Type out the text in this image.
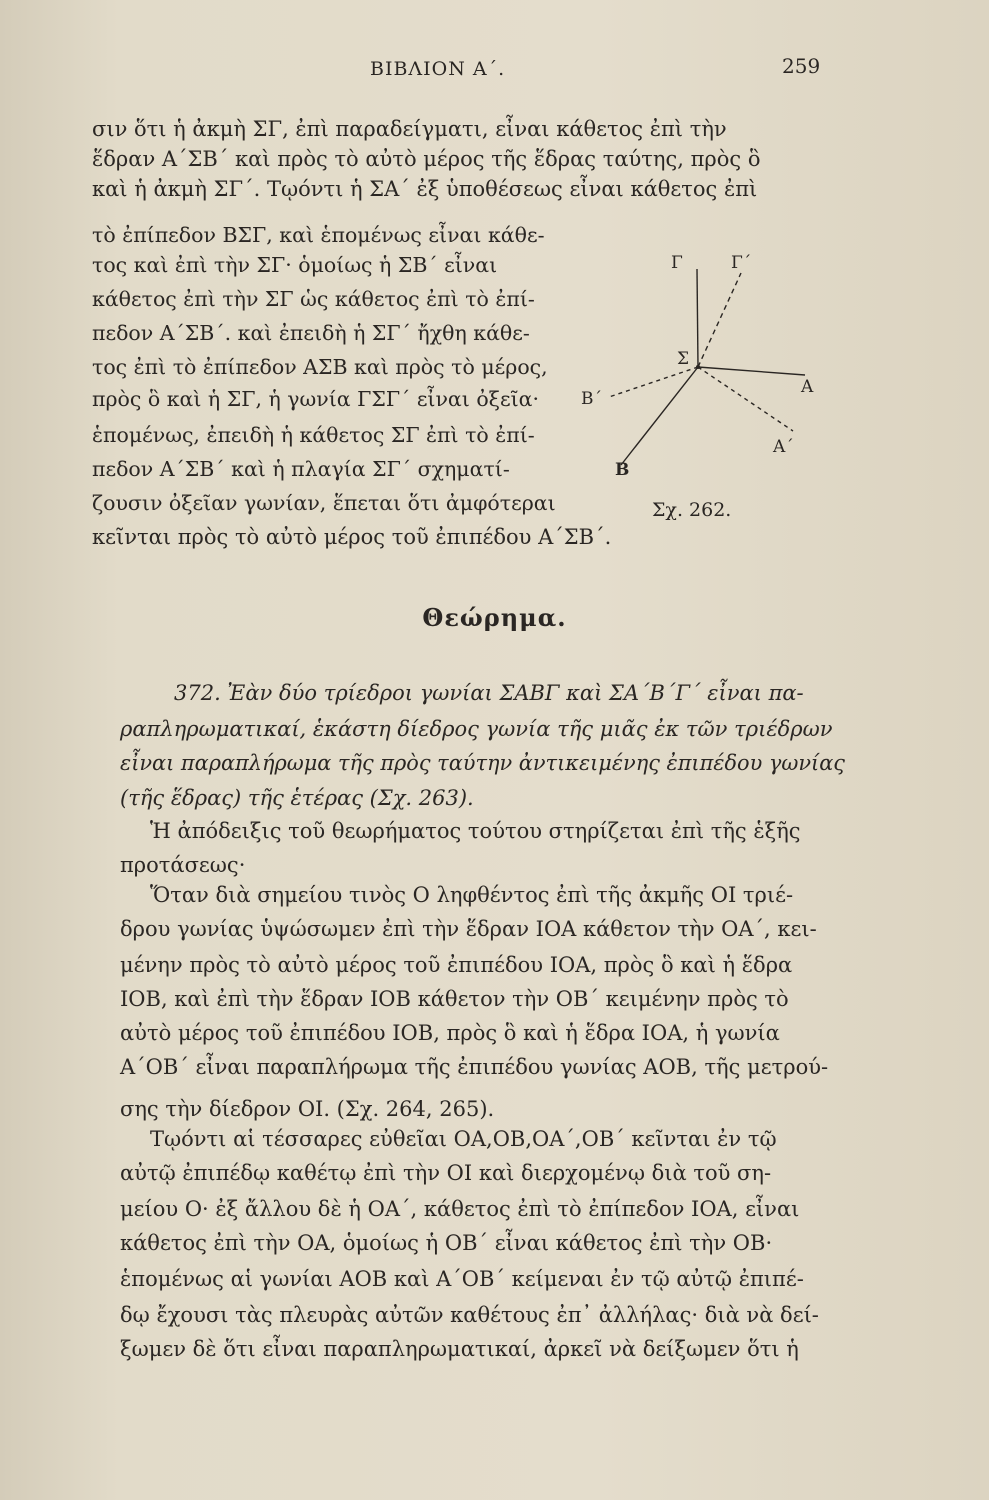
ΒΙΒΛΙΟΝ Α΄.	259
σιν ὅτι ἡ ἀκμὴ ΣΓ, ἐπὶ παραδείγματι, εἶναι κάθετος ἐπὶ τὴν
ἕδραν Α΄ΣΒ΄ καὶ πρὸς τὸ αὐτὸ μέρος τῆς ἕδρας ταύτης, πρὸς ὃ
καὶ ἡ ἀκμὴ ΣΓ΄. Τῳόντι ἡ ΣΑ΄ ἐξ ὑποθέσεως εἶναι κάθετος ἐπὶ
τὸ ἐπίπεδον ΒΣΓ, καὶ ἑπομένως εἶναι κάθε-
τος καὶ ἐπὶ τὴν ΣΓ· ὁμοίως ἡ ΣΒ΄ εἶναι
κάθετος ἐπὶ τὴν ΣΓ ὡς κάθετος ἐπὶ τὸ ἐπί-
πεδον Α΄ΣΒ΄. καὶ ἐπειδὴ ἡ ΣΓ΄ ἤχθη κάθε-
τος ἐπὶ τὸ ἐπίπεδον ΑΣΒ καὶ πρὸς τὸ μέρος,
πρὸς ὃ καὶ ἡ ΣΓ, ἡ γωνία ΓΣΓ΄ εἶναι ὀξεῖα·
ἑπομένως, ἐπειδὴ ἡ κάθετος ΣΓ ἐπὶ τὸ ἐπί-
πεδον Α΄ΣΒ΄ καὶ ἡ πλαγία ΣΓ΄ σχηματί-
ζουσιν ὀξεῖαν γωνίαν, ἕπεται ὅτι ἀμφότεραι
κεῖνται πρὸς τὸ αὐτὸ μέρος τοῦ ἐπιπέδου Α΄ΣΒ΄.
Γ	Γ΄
Σ
Α
Α΄
Β
Β΄
Σχ. 262.
Θεώρημα.
372. Ἐὰν δύο τρίεδροι γωνίαι ΣΑΒΓ καὶ ΣΑ΄Β΄Γ΄ εἶναι πα-
ραπληρωματικαί, ἑκάστη δίεδρος γωνία τῆς μιᾶς ἐκ τῶν τριέδρων
εἶναι παραπλήρωμα τῆς πρὸς ταύτην ἀντικειμένης ἐπιπέδου γωνίας
(τῆς ἕδρας) τῆς ἑτέρας (Σχ. 263).
Ἡ ἀπόδειξις τοῦ θεωρήματος τούτου στηρίζεται ἐπὶ τῆς ἑξῆς
προτάσεως·
Ὅταν διὰ σημείου τινὸς Ο ληφθέντος ἐπὶ τῆς ἀκμῆς ΟΙ τριέ-
δρου γωνίας ὑψώσωμεν ἐπὶ τὴν ἕδραν ΙΟΑ κάθετον τὴν ΟΑ΄, κει-
μένην πρὸς τὸ αὐτὸ μέρος τοῦ ἐπιπέδου ΙΟΑ, πρὸς ὃ καὶ ἡ ἕδρα
ΙΟΒ, καὶ ἐπὶ τὴν ἕδραν ΙΟΒ κάθετον τὴν ΟΒ΄ κειμένην πρὸς τὸ
αὐτὸ μέρος τοῦ ἐπιπέδου ΙΟΒ, πρὸς ὃ καὶ ἡ ἕδρα ΙΟΑ, ἡ γωνία
Α΄ΟΒ΄ εἶναι παραπλήρωμα τῆς ἐπιπέδου γωνίας ΑΟΒ, τῆς μετρού-
σης τὴν δίεδρον ΟΙ. (Σχ. 264, 265).
Τῳόντι αἱ τέσσαρες εὐθεῖαι ΟΑ,ΟΒ,ΟΑ΄,ΟΒ΄ κεῖνται ἐν τῷ
αὐτῷ ἐπιπέδῳ καθέτῳ ἐπὶ τὴν ΟΙ καὶ διερχομένῳ διὰ τοῦ ση-
μείου Ο· ἐξ ἄλλου δὲ ἡ ΟΑ΄, κάθετος ἐπὶ τὸ ἐπίπεδον ΙΟΑ, εἶναι
κάθετος ἐπὶ τὴν ΟΑ, ὁμοίως ἡ ΟΒ΄ εἶναι κάθετος ἐπὶ τὴν ΟΒ·
ἑπομένως αἱ γωνίαι ΑΟΒ καὶ Α΄ΟΒ΄ κείμεναι ἐν τῷ αὐτῷ ἐπιπέ-
δῳ ἔχουσι τὰς πλευρὰς αὐτῶν καθέτους ἐπ᾽ ἀλλήλας· διὰ νὰ δεί-
ξωμεν δὲ ὅτι εἶναι παραπληρωματικαί, ἀρκεῖ νὰ δείξωμεν ὅτι ἡ
